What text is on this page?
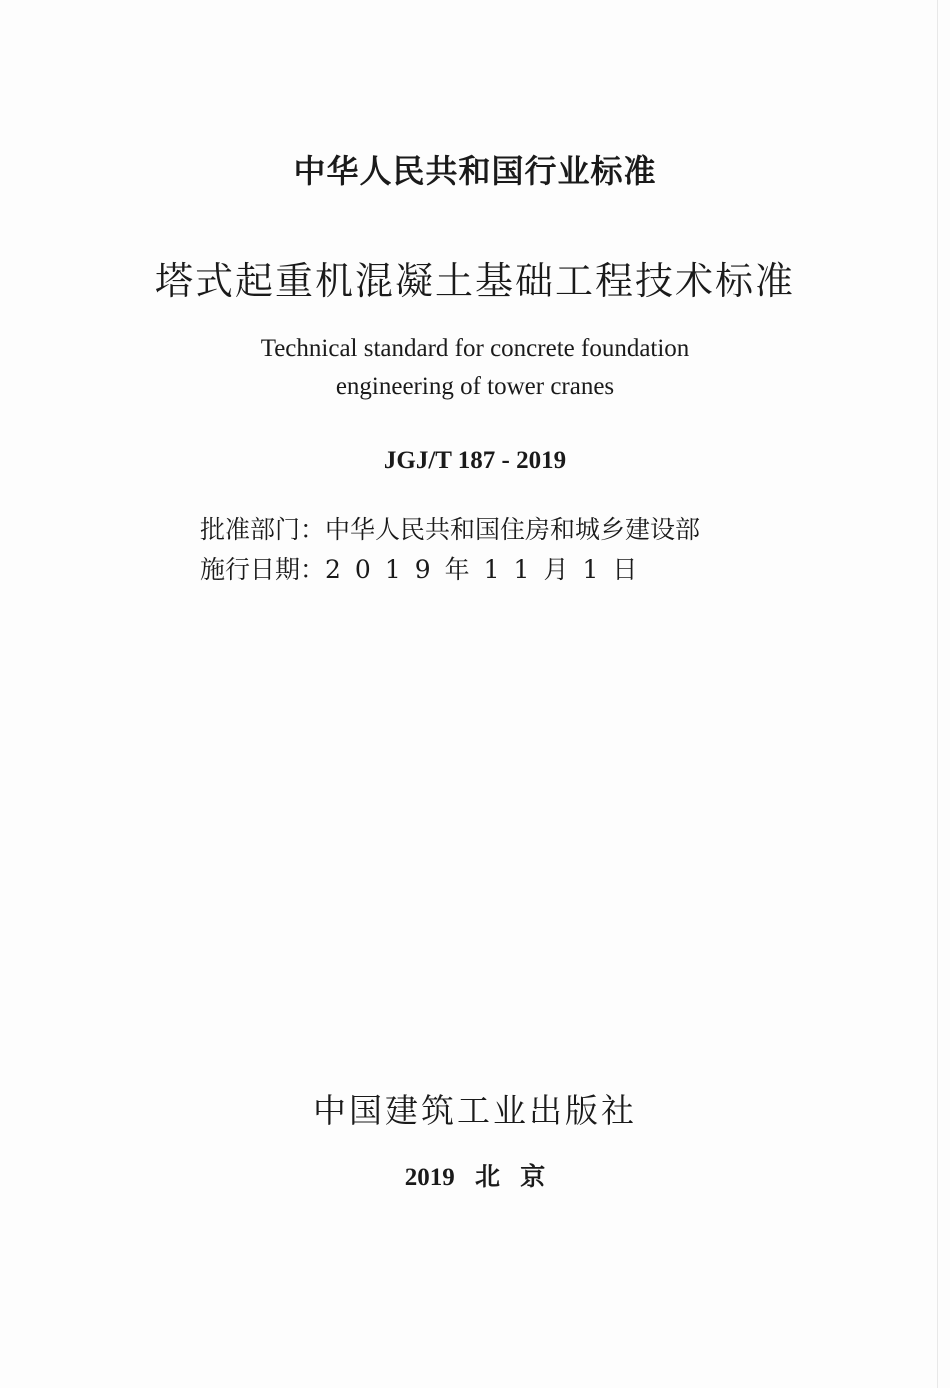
中华人民共和国行业标准
塔式起重机混凝土基础工程技术标准
Technical standard for concrete foundation
engineering of tower cranes
JGJ/T 187 - 2019
批准部门：中华人民共和国住房和城乡建设部
施行日期：2019年11月1日
中国建筑工业出版社
2019 北 京
